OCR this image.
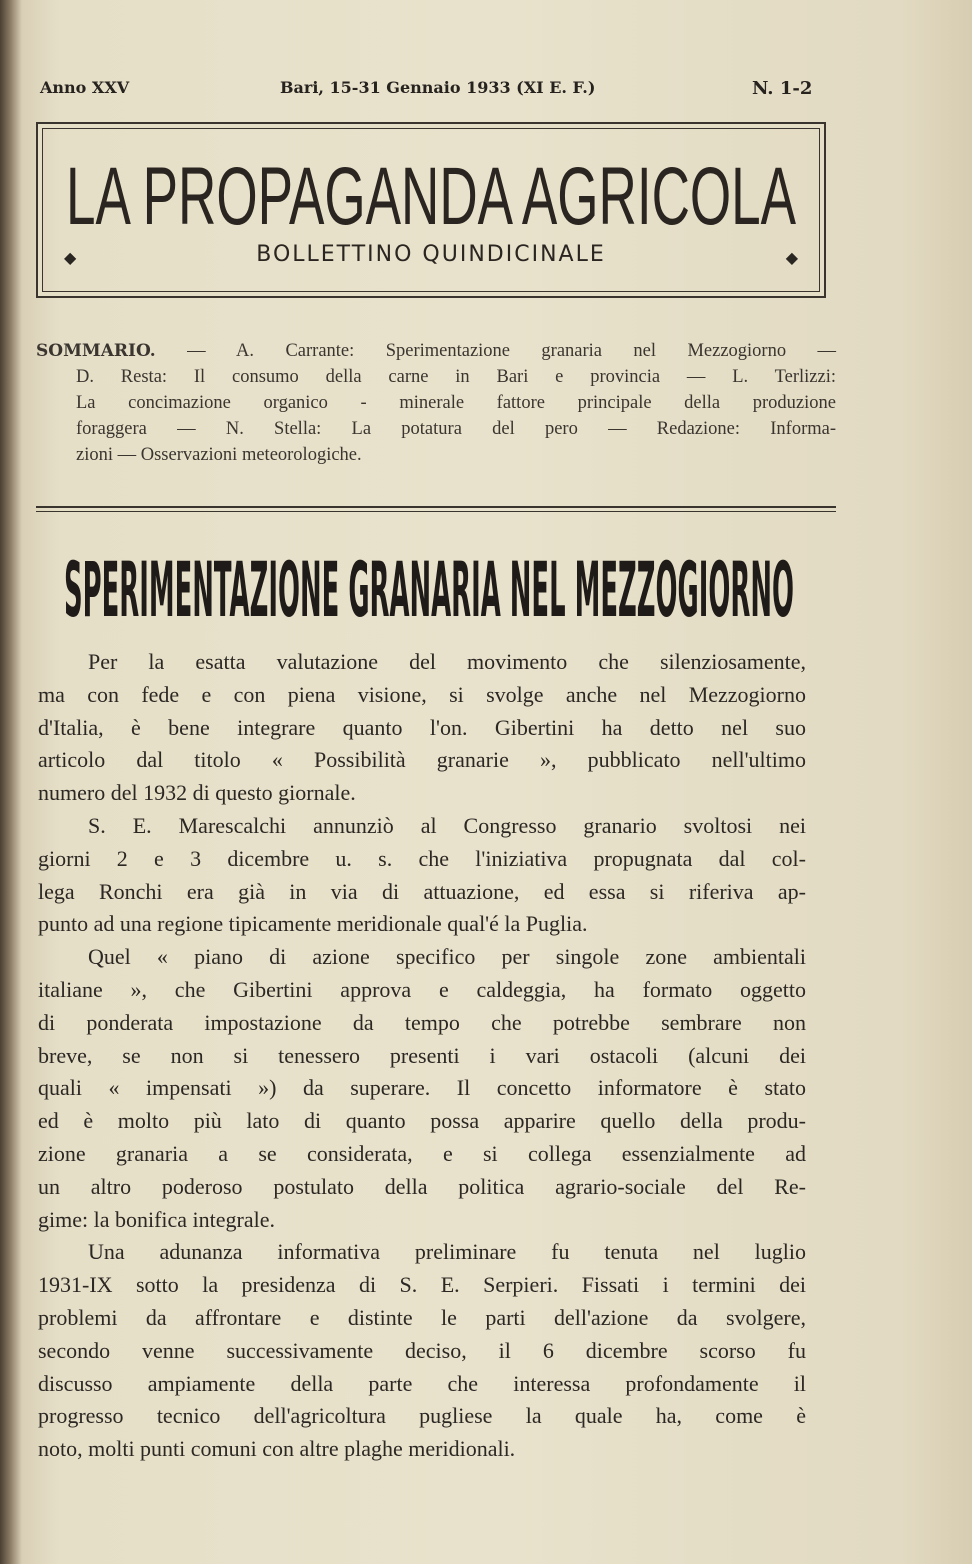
Anno XXV	Bari, 15-31 Gennaio 1933 (XI E. F.)	N. 1-2
LA PROPAGANDA AGRICOLA
◆	BOLLETTINO QUINDICINALE	◆
SOMMARIO. — A. Carrante: Sperimentazione granaria nel Mezzogiorno —
D. Resta: Il consumo della carne in Bari e provincia — L. Terlizzi:
La concimazione organico - minerale fattore principale della produzione
foraggera — N. Stella: La potatura del pero — Redazione: Informa-
zioni — Osservazioni meteorologiche.
SPERIMENTAZIONE GRANARIA NEL MEZZOGIORNO
Per la esatta valutazione del movimento che silenziosamente,
ma con fede e con piena visione, si svolge anche nel Mezzogiorno
d'Italia, è bene integrare quanto l'on. Gibertini ha detto nel suo
articolo dal titolo « Possibilità granarie », pubblicato nell'ultimo
numero del 1932 di questo giornale.
S. E. Marescalchi annunziò al Congresso granario svoltosi nei
giorni 2 e 3 dicembre u. s. che l'iniziativa propugnata dal col-
lega Ronchi era già in via di attuazione, ed essa si riferiva ap-
punto ad una regione tipicamente meridionale qual'é la Puglia.
Quel « piano di azione specifico per singole zone ambientali
italiane », che Gibertini approva e caldeggia, ha formato oggetto
di ponderata impostazione da tempo che potrebbe sembrare non
breve, se non si tenessero presenti i vari ostacoli (alcuni dei
quali « impensati ») da superare. Il concetto informatore è stato
ed è molto più lato di quanto possa apparire quello della produ-
zione granaria a se considerata, e si collega essenzialmente ad
un altro poderoso postulato della politica agrario-sociale del Re-
gime: la bonifica integrale.
Una adunanza informativa preliminare fu tenuta nel luglio
1931-IX sotto la presidenza di S. E. Serpieri. Fissati i termini dei
problemi da affrontare e distinte le parti dell'azione da svolgere,
secondo venne successivamente deciso, il 6 dicembre scorso fu
discusso ampiamente della parte che interessa profondamente il
progresso tecnico dell'agricoltura pugliese la quale ha, come è
noto, molti punti comuni con altre plaghe meridionali.
